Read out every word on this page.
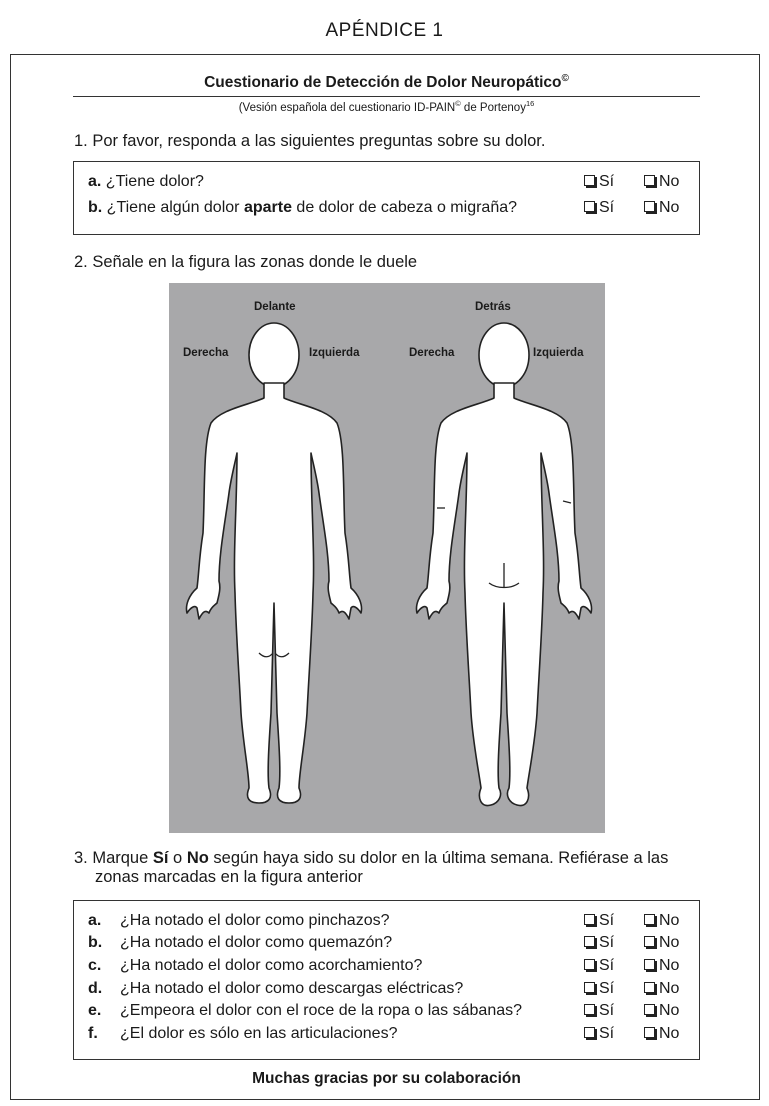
APÉNDICE 1
Cuestionario de Detección de Dolor Neuropático©
(Vesión española del cuestionario ID-PAIN© de Portenoy$^{16}$
1. Por favor, responda a las siguientes preguntas sobre su dolor.
a. ¿Tiene dolor?	Sí	No
b. ¿Tiene algún dolor aparte de dolor de cabeza o migraña?	Sí	No
2. Señale en la figura las zonas donde le duele
Delante	Detrás
Derecha	Izquierda	Derecha	Izquierda
3. Marque Sí o No según haya sido su dolor en la última semana. Refiérase a las
zonas marcadas en la figura anterior
a. ¿Ha notado el dolor como pinchazos?	Sí	No
b. ¿Ha notado el dolor como quemazón?	Sí	No
c. ¿Ha notado el dolor como acorchamiento?	Sí	No
d. ¿Ha notado el dolor como descargas eléctricas?	Sí	No
e. ¿Empeora el dolor con el roce de la ropa o las sábanas?	Sí	No
f. ¿El dolor es sólo en las articulaciones?	Sí	No
Muchas gracias por su colaboración
